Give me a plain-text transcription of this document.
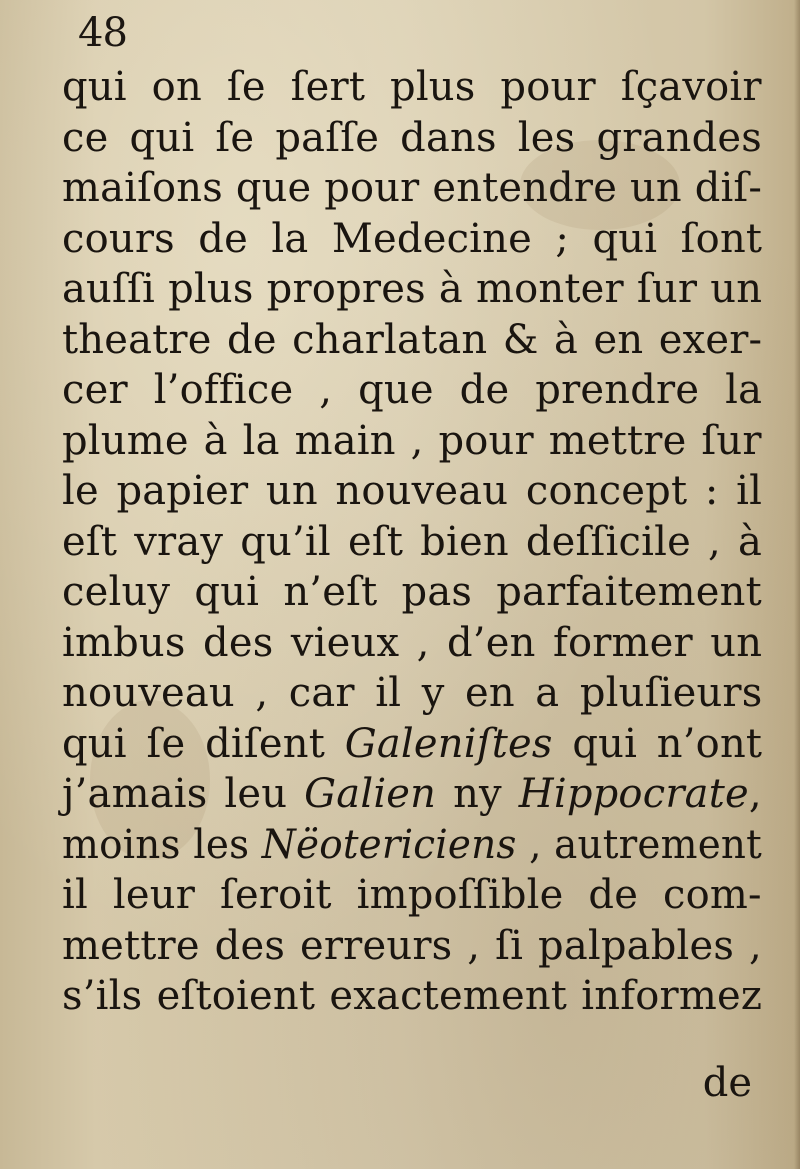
48
qui on ſe ſert plus pour ſçavoir
ce qui ſe paſſe dans les grandes
maiſons que pour entendre un diſ-
cours de la Medecine ; qui ſont
auſſi plus propres à monter ſur un
theatre de charlatan & à en exer-
cer l’office , que de prendre la
plume à la main , pour mettre ſur
le papier un nouveau concept : il
eſt vray qu’il eſt bien deſſicile , à
celuy qui n’eſt pas parfaitement
imbus des vieux , d’en former un
nouveau , car il y en a pluſieurs
qui ſe diſent Galeniſtes qui n’ont
j’amais leu Galien ny Hippocrate,
moins les Nëotericiens , autrement
il leur ſeroit impoſſible de com-
mettre des erreurs , ſi palpables ,
s’ils eſtoient exactement informez
de
